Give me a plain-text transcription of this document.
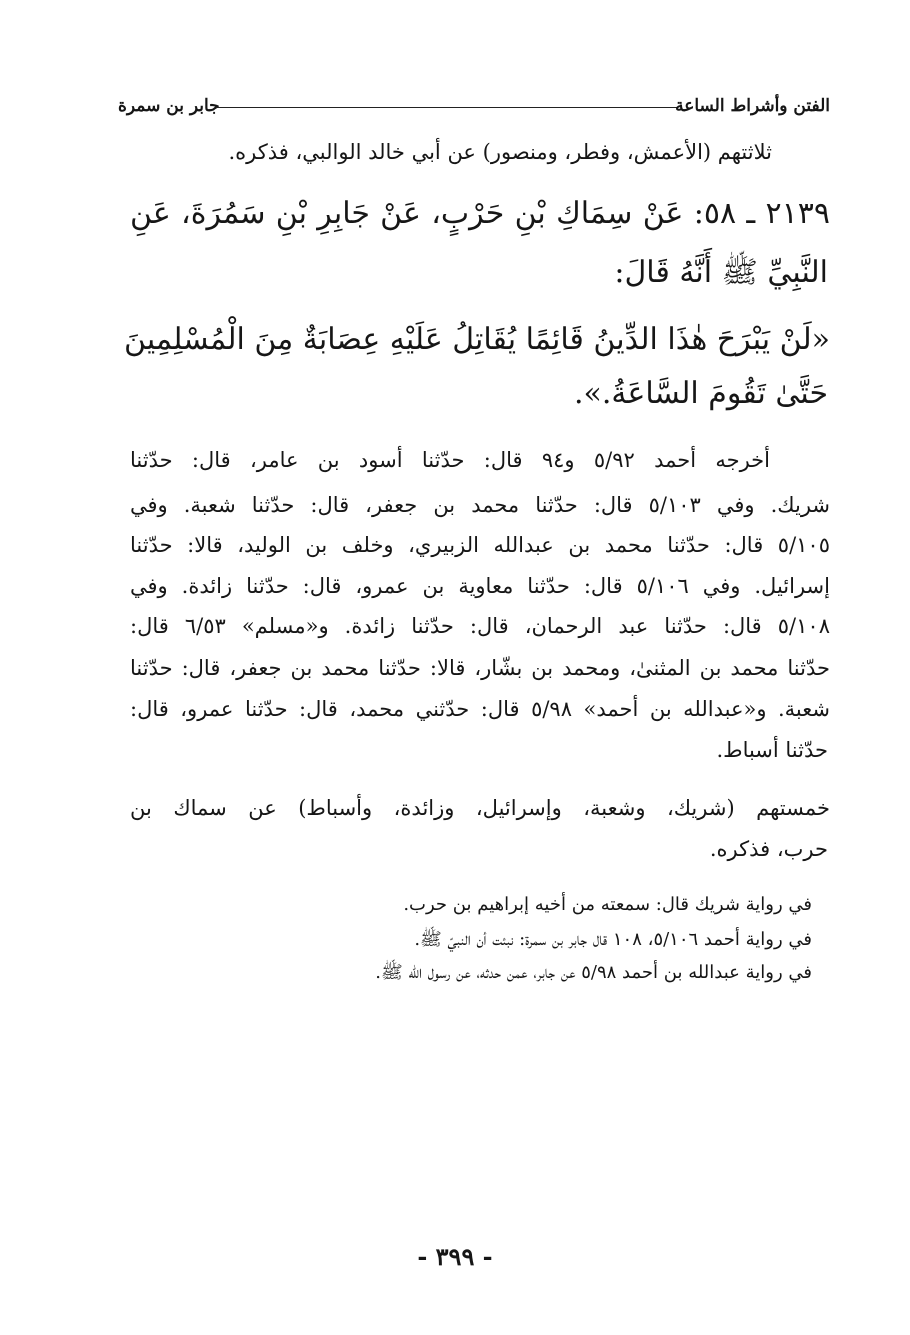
جابر بن سمرة	الفتن وأشراط الساعة
ثلاثتهم (الأعمش، وفطر، ومنصور) عن أبي خالد الوالبي، فذكره.
٢١٣٩ ـ ٥٨: عَنْ سِمَاكِ بْنِ حَرْبٍ، عَنْ جَابِرِ بْنِ سَمُرَةَ، عَنِ
النَّبِيِّ ﷺ أَنَّهُ قَالَ:
«لَنْ يَبْرَحَ هٰذَا الدِّينُ قَائِمًا يُقَاتِلُ عَلَيْهِ عِصَابَةٌ مِنَ الْمُسْلِمِينَ
حَتَّىٰ تَقُومَ السَّاعَةُ.».
أخرجه أحمد ٥/٩٢ و٩٤ قال: حدّثنا أسود بن عامر، قال: حدّثنا
شريك. وفي ٥/١٠٣ قال: حدّثنا محمد بن جعفر، قال: حدّثنا شعبة. وفي
٥/١٠٥ قال: حدّثنا محمد بن عبدالله الزبيري، وخلف بن الوليد، قالا: حدّثنا
إسرائيل. وفي ٥/١٠٦ قال: حدّثنا معاوية بن عمرو، قال: حدّثنا زائدة. وفي
٥/١٠٨ قال: حدّثنا عبد الرحمان، قال: حدّثنا زائدة. و«مسلم» ٦/٥٣ قال:
حدّثنا محمد بن المثنىٰ، ومحمد بن بشّار، قالا: حدّثنا محمد بن جعفر، قال: حدّثنا
شعبة. و«عبدالله بن أحمد» ٥/٩٨ قال: حدّثني محمد، قال: حدّثنا عمرو، قال:
حدّثنا أسباط.
خمستهم (شريك، وشعبة، وإسرائيل، وزائدة، وأسباط) عن سماك بن
حرب، فذكره.
في رواية شريك قال: سمعته من أخيه إبراهيم بن حرب.
في رواية أحمد ٥/١٠٦، ١٠٨ قال جابر بن سمرة: نبئت أن النبيّ ﷺ.
في رواية عبدالله بن أحمد ٥/٩٨ عن جابر، عمن حدثه، عن رسول الله ﷺ.
- ٣٩٩ -
